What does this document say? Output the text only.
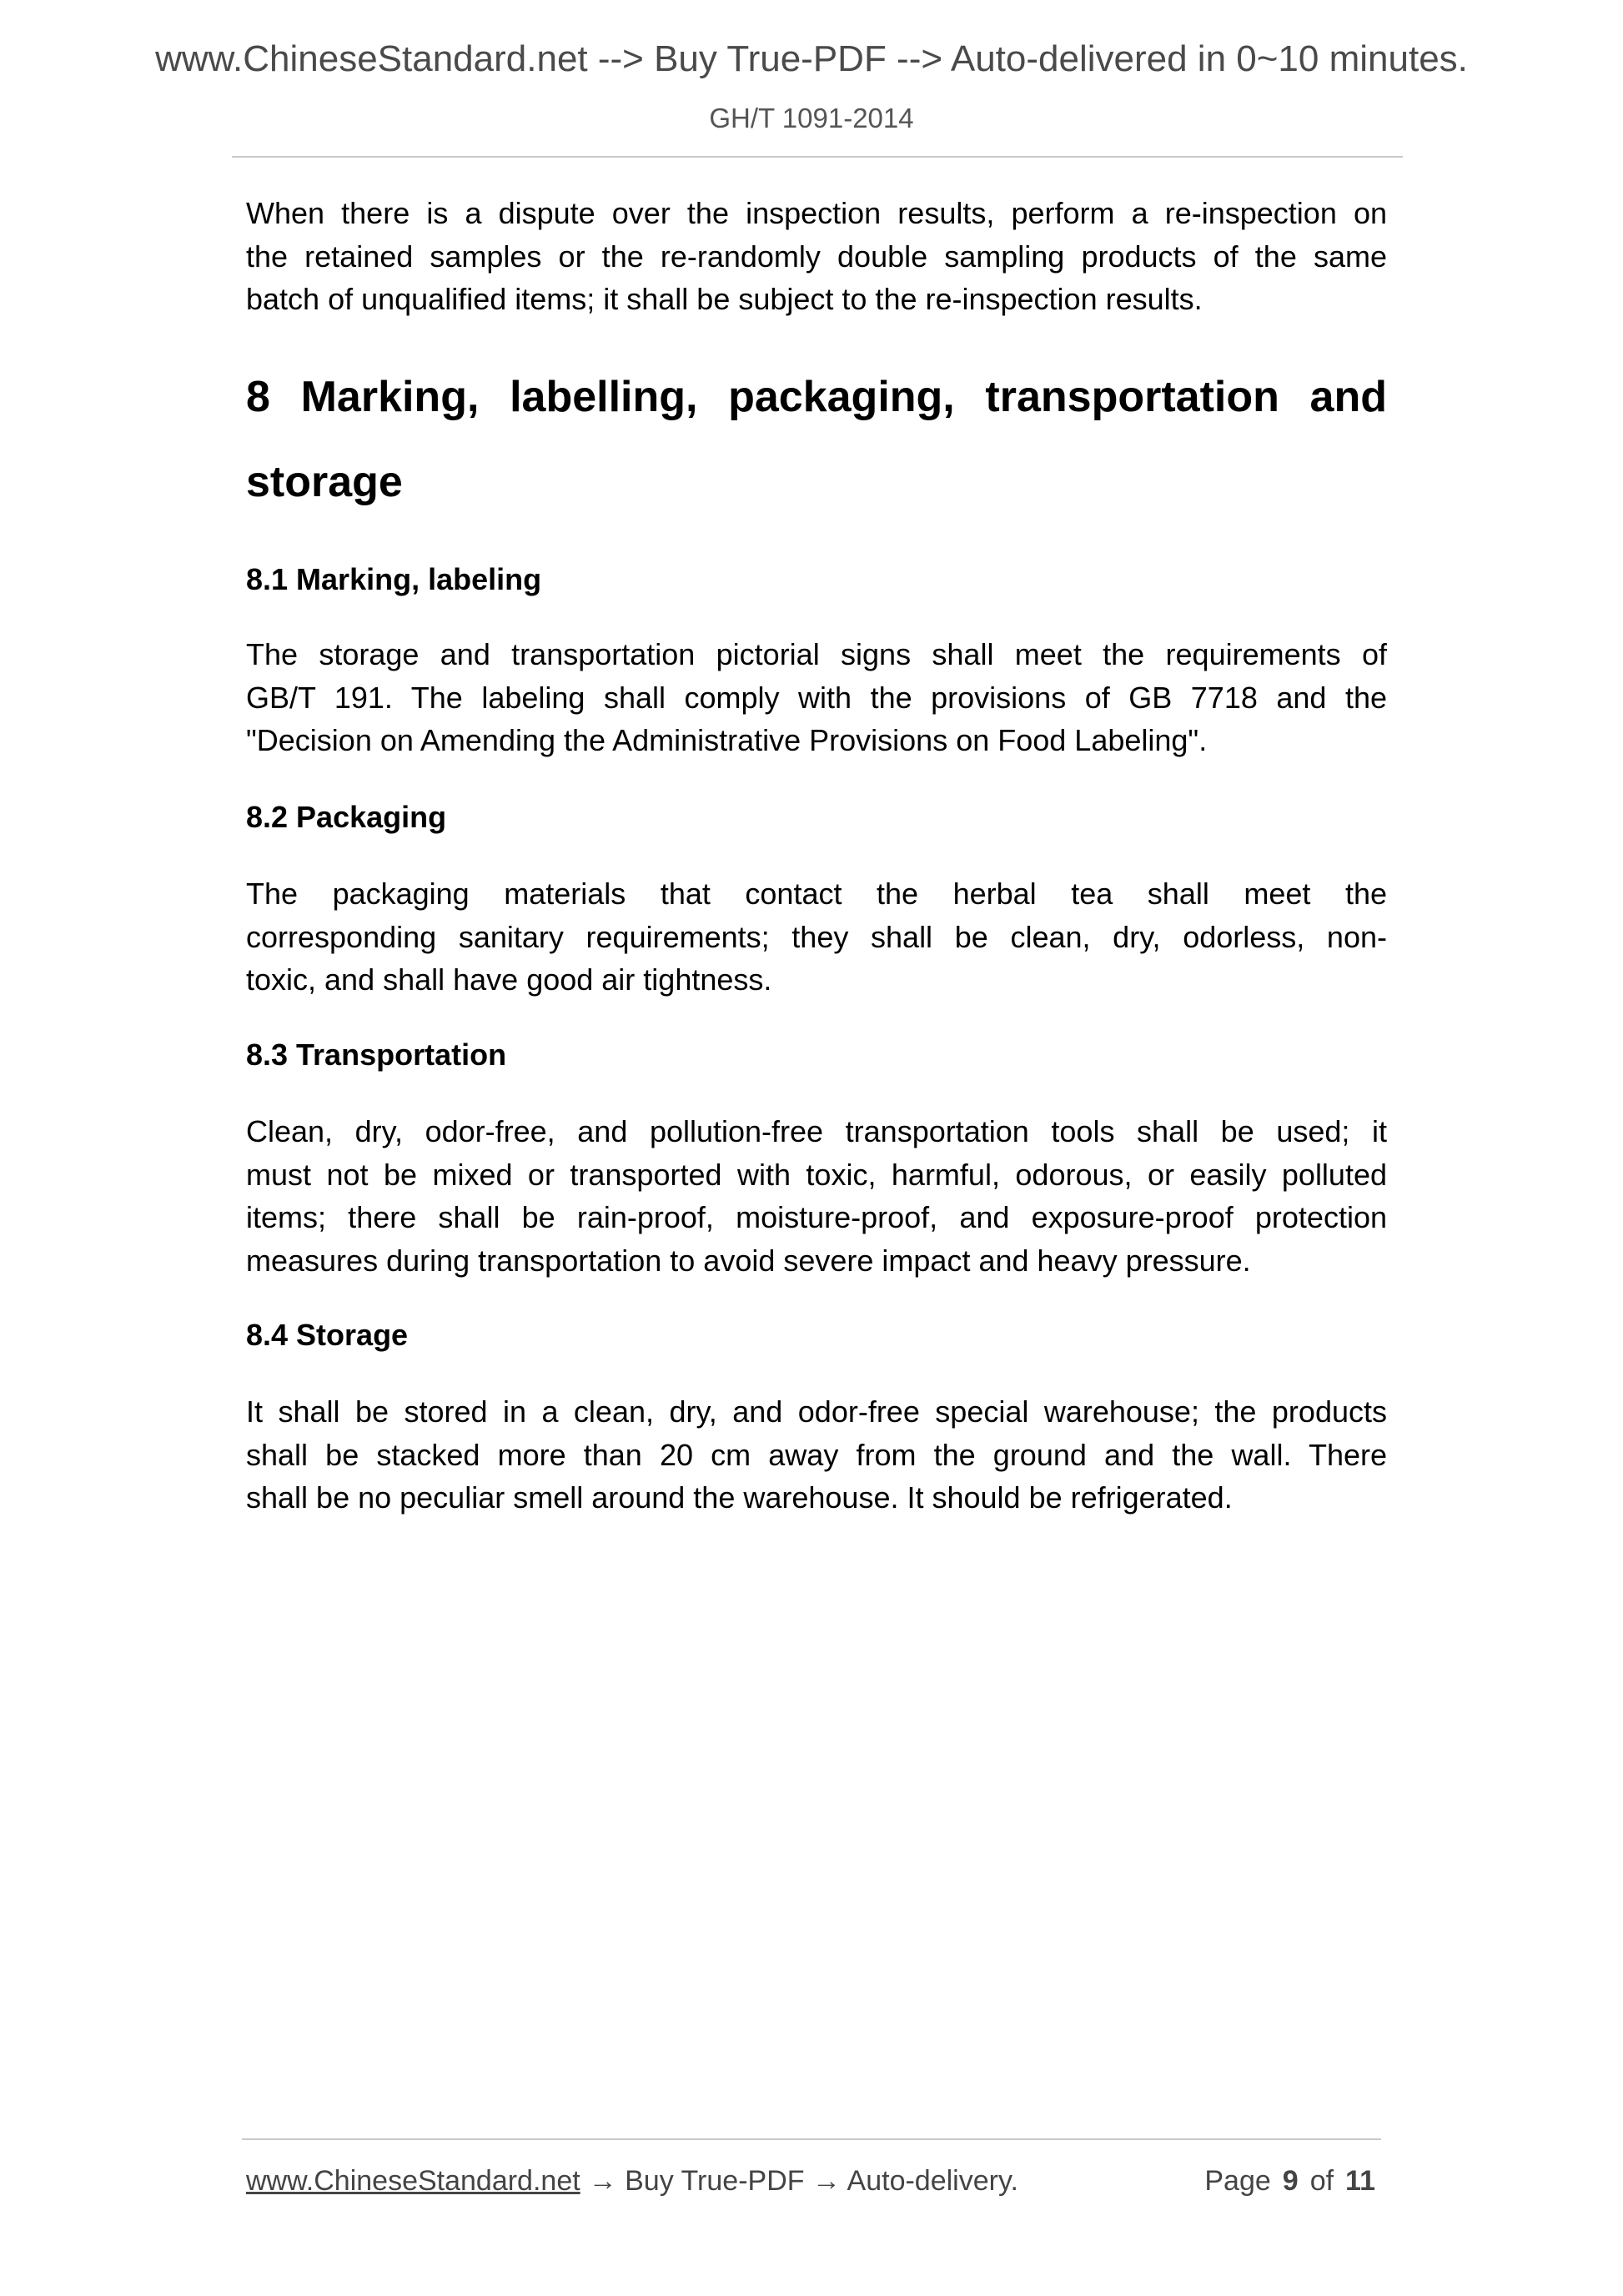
www.ChineseStandard.net --> Buy True-PDF --> Auto-delivered in 0~10 minutes.
GH/T 1091-2014
When there is a dispute over the inspection results, perform a re-inspection on
the retained samples or the re-randomly double sampling products of the same
batch of unqualified items; it shall be subject to the re-inspection results.
8 Marking, labelling, packaging, transportation and
storage
8.1 Marking, labeling
The storage and transportation pictorial signs shall meet the requirements of
GB/T 191. The labeling shall comply with the provisions of GB 7718 and the
"Decision on Amending the Administrative Provisions on Food Labeling".
8.2 Packaging
The packaging materials that contact the herbal tea shall meet the
corresponding sanitary requirements; they shall be clean, dry, odorless, non-
toxic, and shall have good air tightness.
8.3 Transportation
Clean, dry, odor-free, and pollution-free transportation tools shall be used; it
must not be mixed or transported with toxic, harmful, odorous, or easily polluted
items; there shall be rain-proof, moisture-proof, and exposure-proof protection
measures during transportation to avoid severe impact and heavy pressure.
8.4 Storage
It shall be stored in a clean, dry, and odor-free special warehouse; the products
shall be stacked more than 20 cm away from the ground and the wall. There
shall be no peculiar smell around the warehouse. It should be refrigerated.
www.ChineseStandard.net → Buy True-PDF → Auto-delivery.	Page 9 of 11
